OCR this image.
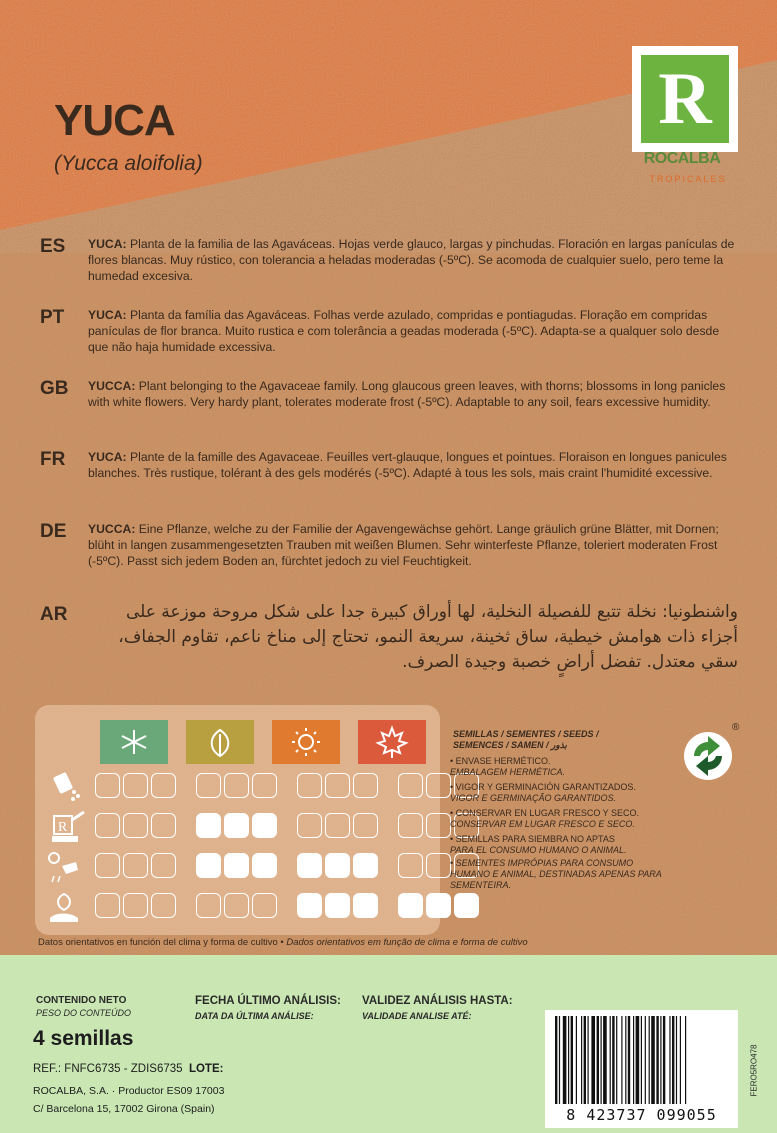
YUCA
(Yucca aloifolia)
R
ROCALBA
TROPICALES
ES YUCA: Planta de la familia de las Agaváceas. Hojas verde glauco, largas y pinchudas. Floración en largas panículas de flores blancas. Muy rústico, con tolerancia a heladas moderadas (-5ºC). Se acomoda de cualquier suelo, pero teme la humedad excesiva.
PT YUCA: Planta da família das Agaváceas. Folhas verde azulado, compridas e pontiagudas. Floração em compridas panículas de flor branca. Muito rustica e com tolerância a geadas moderada (-5ºC). Adapta-se a qualquer solo desde que não haja humidade excessiva.
GB YUCCA: Plant belonging to the Agavaceae family. Long glaucous green leaves, with thorns; blossoms in long panicles with white flowers. Very hardy plant, tolerates moderate frost (-5ºC). Adaptable to any soil, fears excessive humidity.
FR YUCA: Plante de la famille des Agavaceae. Feuilles vert-glauque, longues et pointues. Floraison en longues panicules blanches. Très rustique, tolérant à des gels modérés (-5ºC). Adapté à tous les sols, mais craint l'humidité excessive.
DE YUCCA: Eine Pflanze, welche zu der Familie der Agavengewächse gehört. Lange gräulich grüne Blätter, mit Dornen; blüht in langen zusammengesetzten Trauben mit weißen Blumen. Sehr winterfeste Pflanze, toleriert moderaten Frost (-5ºC). Passt sich jedem Boden an, fürchtet jedoch zu viel Feuchtigkeit.
AR	واشنطونيا: نخلة تتبع للفصيلة النخلية، لها أوراق كبيرة جدا على شكل مروحة موزعة على أجزاء ذات هوامش خيطية، ساق ثخينة، سريعة النمو، تحتاج إلى مناخ ناعم، تقاوم الجفاف، سقي معتدل. تفضل أراضٍ خصبة وجيدة الصرف.
R
SEMILLAS / SEMENTES / SEEDS /
SEMENCES / SAMEN / بذور
• ENVASE HERMÉTICO.
EMBALAGEM HERMÉTICA.
• VIGOR Y GERMINACIÓN GARANTIZADOS.
VIGOR E GERMINAÇÃO GARANTIDOS.
• CONSERVAR EN LUGAR FRESCO Y SECO.
CONSERVAR EM LUGAR FRESCO E SECO.
• SEMILLAS PARA SIEMBRA NO APTAS
PARA EL CONSUMO HUMANO O ANIMAL.
• SEMENTES IMPRÓPIAS PARA CONSUMO
HUMANO E ANIMAL, DESTINADAS APENAS PARA SEMENTEIRA.
®
Datos orientativos en función del clima y forma de cultivo • Dados orientativos em função de clima e forma de cultivo
CONTENIDO NETO
PESO DO CONTEÚDO
4 semillas
FECHA ÚLTIMO ANÁLISIS:
DATA DA ÚLTIMA ANÁLISE:
VALIDEZ ANÁLISIS HASTA:
VALIDADE ANALISE ATÉ:
REF.: FNFC6735 - ZDIS6735 LOTE:
ROCALBA, S.A. · Productor ES09 17003
C/ Barcelona 15, 17002 Girona (Spain)	8 423737 099055
FERO5RO478
